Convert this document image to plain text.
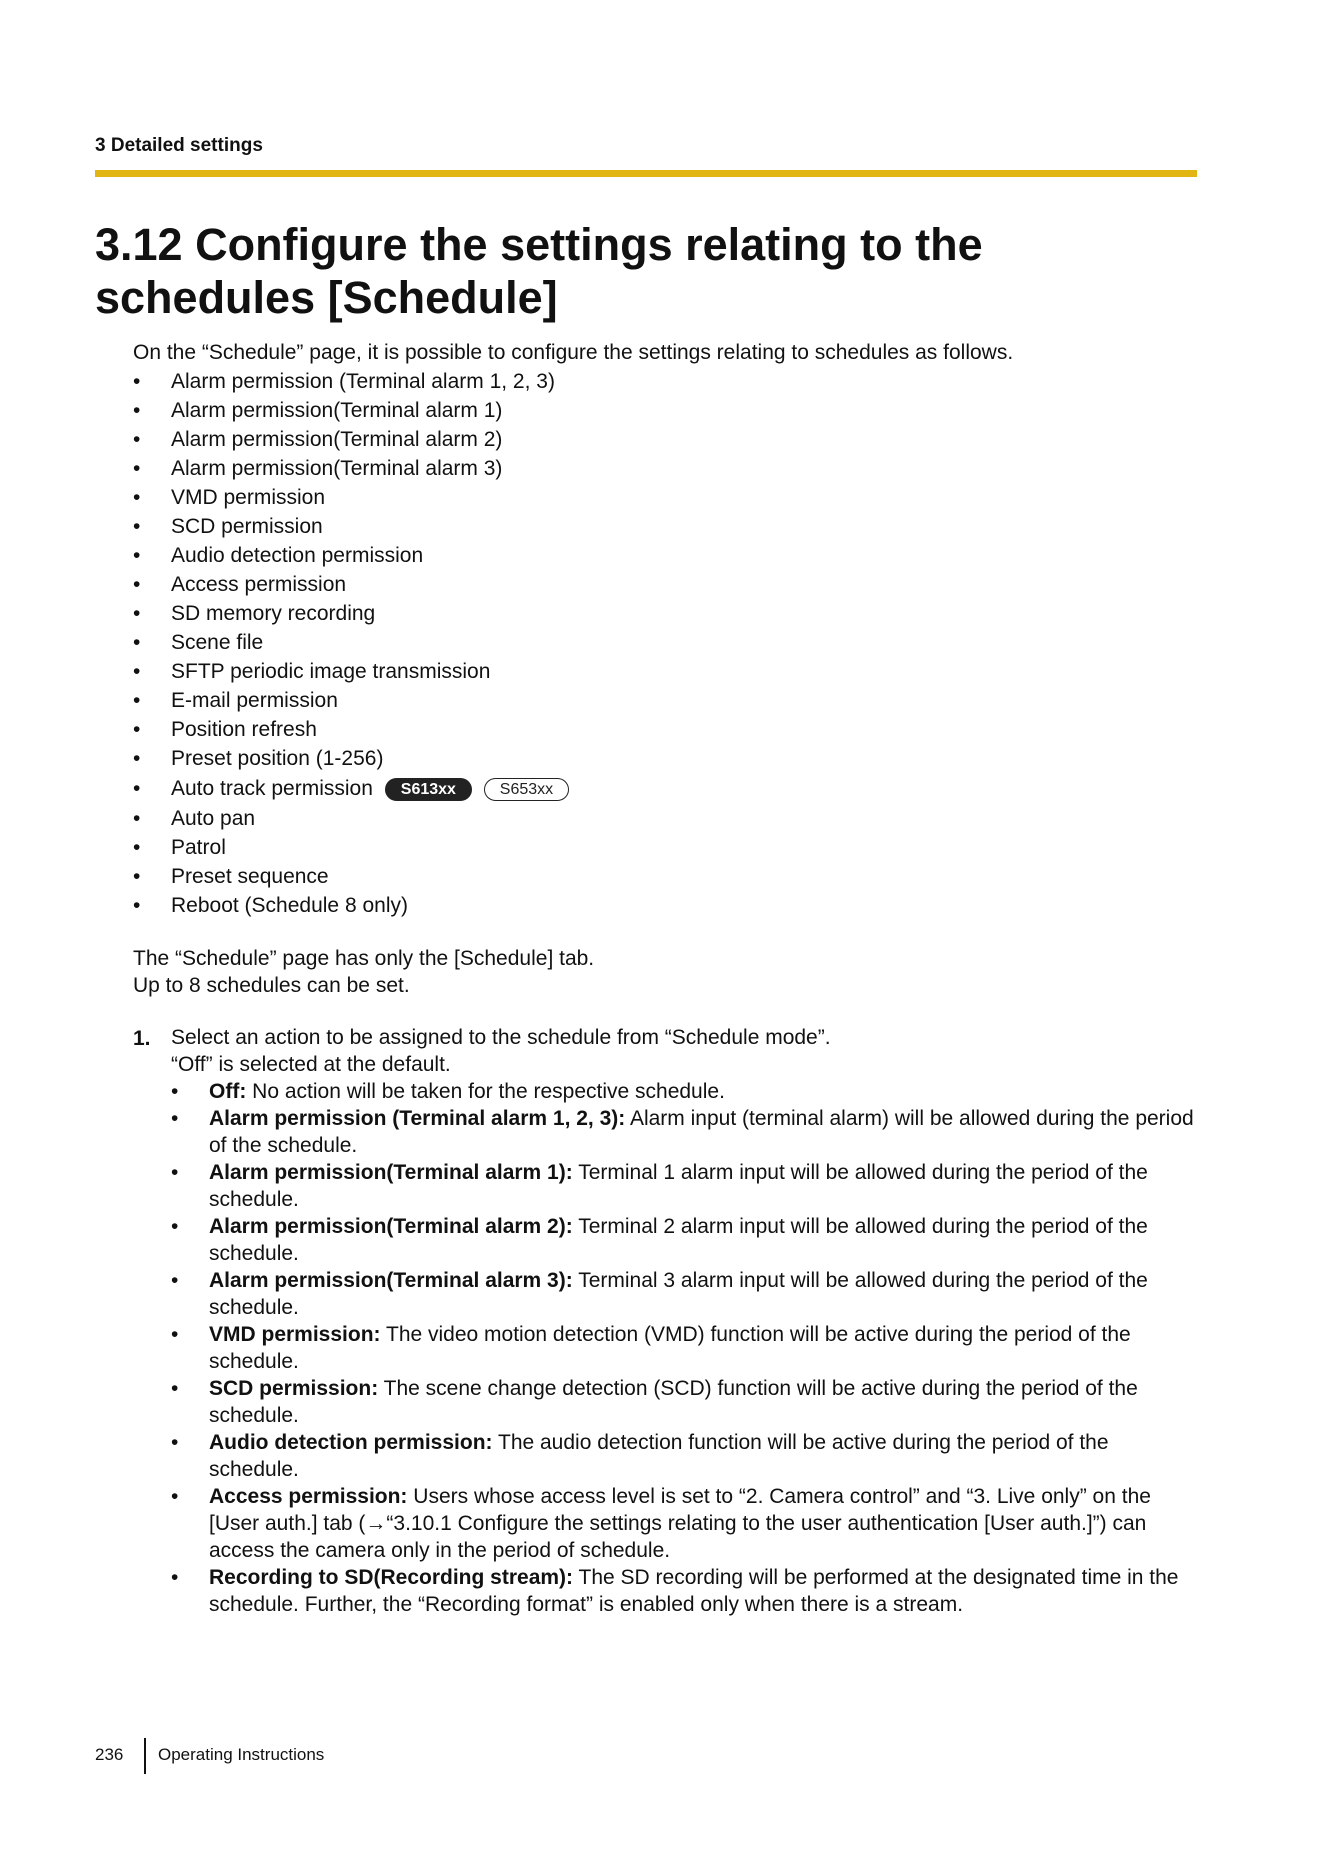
3 Detailed settings
3.12 Configure the settings relating to the schedules [Schedule]

On the “Schedule” page, it is possible to configure the settings relating to schedules as follows.

• Alarm permission (Terminal alarm 1, 2, 3)
• Alarm permission(Terminal alarm 1)
• Alarm permission(Terminal alarm 2)
• Alarm permission(Terminal alarm 3)
• VMD permission
• SCD permission
• Audio detection permission
• Access permission
• SD memory recording
• Scene file
• SFTP periodic image transmission
• E-mail permission
• Position refresh
• Preset position (1-256)
• Auto track permission S613xx	S653xx
• Auto pan
• Patrol
• Preset sequence
• Reboot (Schedule 8 only)

The “Schedule” page has only the [Schedule] tab.

Up to 8 schedules can be set.

1. Select an action to be assigned to the schedule from “Schedule mode”.

“Off” is selected at the default.

• Off: No action will be taken for the respective schedule.
• Alarm permission (Terminal alarm 1, 2, 3): Alarm input (terminal alarm) will be allowed during the period of the schedule.
• Alarm permission(Terminal alarm 1): Terminal 1 alarm input will be allowed during the period of the schedule.
• Alarm permission(Terminal alarm 2): Terminal 2 alarm input will be allowed during the period of the schedule.
• Alarm permission(Terminal alarm 3): Terminal 3 alarm input will be allowed during the period of the schedule.
• VMD permission: The video motion detection (VMD) function will be active during the period of the schedule.
• SCD permission: The scene change detection (SCD) function will be active during the period of the schedule.
• Audio detection permission: The audio detection function will be active during the period of the schedule.
• Access permission: Users whose access level is set to “2. Camera control” and “3. Live only” on the [User auth.] tab (→“3.10.1 Configure the settings relating to the user authentication [User auth.]”) can access the camera only in the period of schedule.
• Recording to SD(Recording stream): The SD recording will be performed at the designated time in the schedule. Further, the “Recording format” is enabled only when there is a stream.
236 Operating Instructions
